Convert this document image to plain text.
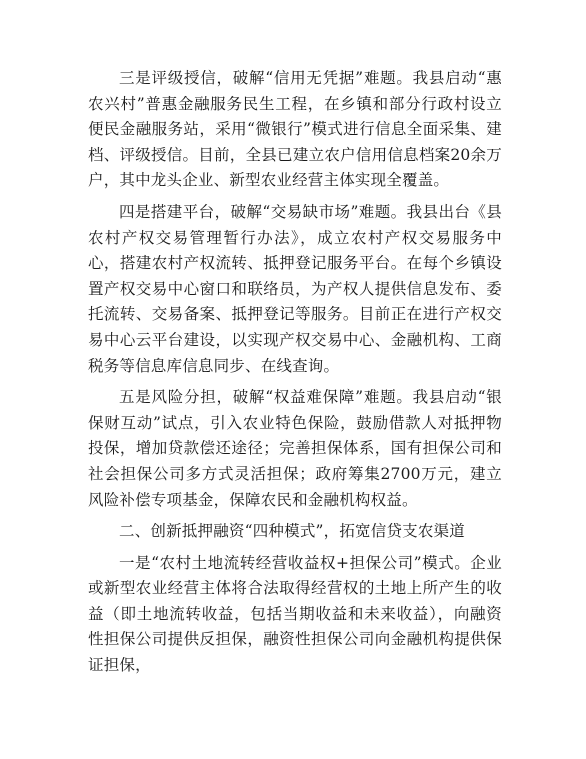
三是评级授信，破解“信用无凭据”难题。我县启动“惠农兴村”普惠金融服务民生工程，在乡镇和部分行政村设立便民金融服务站，采用“微银行”模式进行信息全面采集、建档、评级授信。目前，全县已建立农户信用信息档案20余万户，其中龙头企业、新型农业经营主体实现全覆盖。

四是搭建平台，破解“交易缺市场”难题。我县出台《县农村产权交易管理暂行办法》，成立农村产权交易服务中心，搭建农村产权流转、抵押登记服务平台。在每个乡镇设置产权交易中心窗口和联络员，为产权人提供信息发布、委托流转、交易备案、抵押登记等服务。目前正在进行产权交易中心云平台建设，以实现产权交易中心、金融机构、工商税务等信息库信息同步、在线查询。

五是风险分担，破解“权益难保障”难题。我县启动“银保财互动”试点，引入农业特色保险，鼓励借款人对抵押物投保，增加贷款偿还途径；完善担保体系，国有担保公司和社会担保公司多方式灵活担保；政府筹集2700万元，建立风险补偿专项基金，保障农民和金融机构权益。

二、创新抵押融资“四种模式”，拓宽信贷支农渠道

一是“农村土地流转经营收益权+担保公司”模式。企业或新型农业经营主体将合法取得经营权的土地上所产生的收益（即土地流转收益，包括当期收益和未来收益），向融资性担保公司提供反担保，融资性担保公司向金融机构提供保证担保，
